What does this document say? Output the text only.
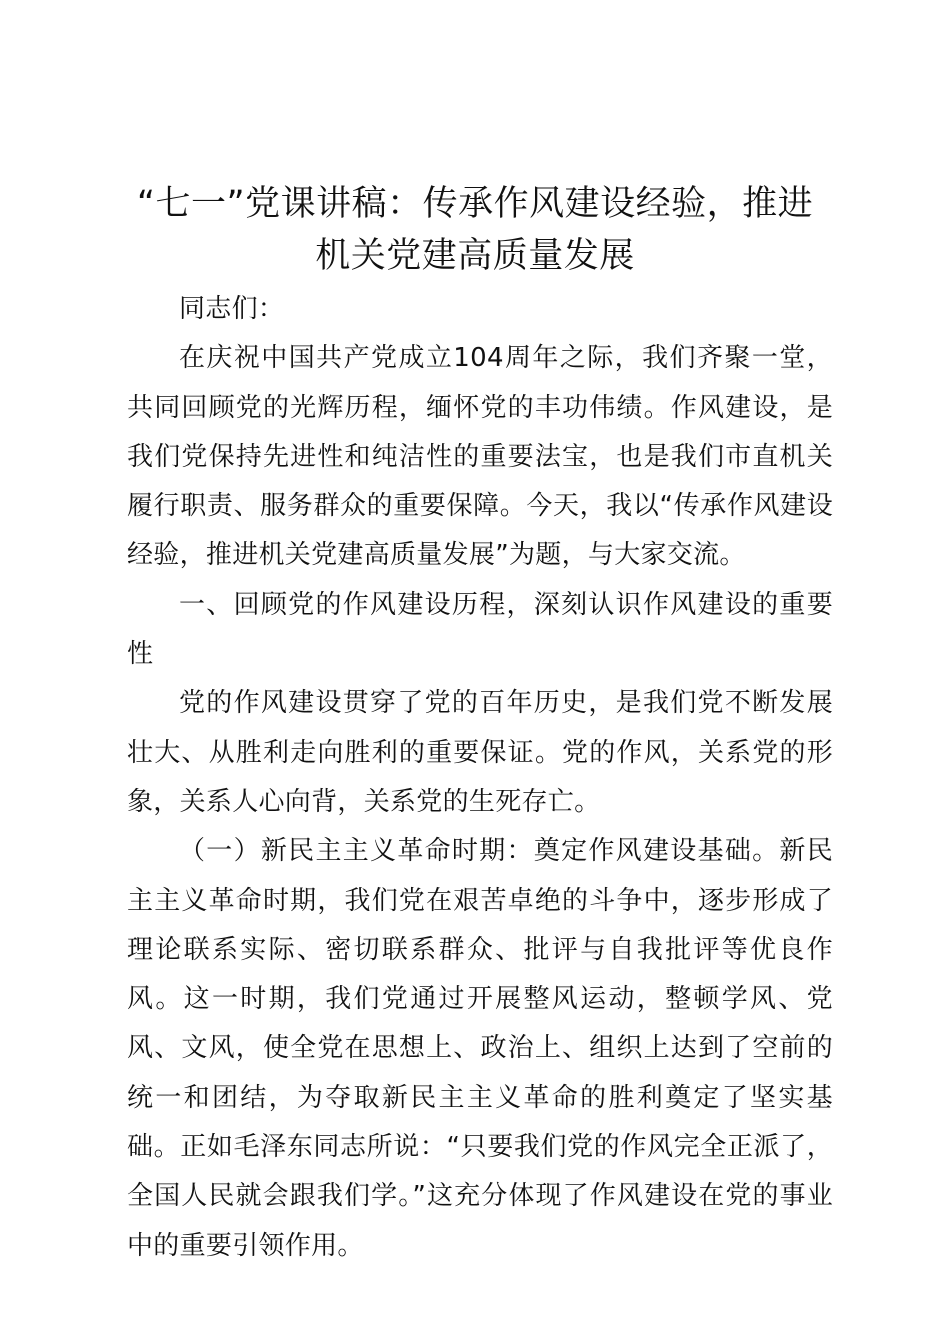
“七一”党课讲稿：传承作风建设经验，推进
机关党建高质量发展

同志们：

在庆祝中国共产党成立104周年之际，我们齐聚一堂，共同回顾党的光辉历程，缅怀党的丰功伟绩。作风建设，是我们党保持先进性和纯洁性的重要法宝，也是我们市直机关履行职责、服务群众的重要保障。今天，我以“传承作风建设经验，推进机关党建高质量发展”为题，与大家交流。

一、回顾党的作风建设历程，深刻认识作风建设的重要性

党的作风建设贯穿了党的百年历史，是我们党不断发展壮大、从胜利走向胜利的重要保证。党的作风，关系党的形象，关系人心向背，关系党的生死存亡。

（一）新民主主义革命时期：奠定作风建设基础。新民主主义革命时期，我们党在艰苦卓绝的斗争中，逐步形成了理论联系实际、密切联系群众、批评与自我批评等优良作风。这一时期，我们党通过开展整风运动，整顿学风、党风、文风，使全党在思想上、政治上、组织上达到了空前的统一和团结，为夺取新民主主义革命的胜利奠定了坚实基础。正如毛泽东同志所说：“只要我们党的作风完全正派了，全国人民就会跟我们学。”这充分体现了作风建设在党的事业中的重要引领作用。
